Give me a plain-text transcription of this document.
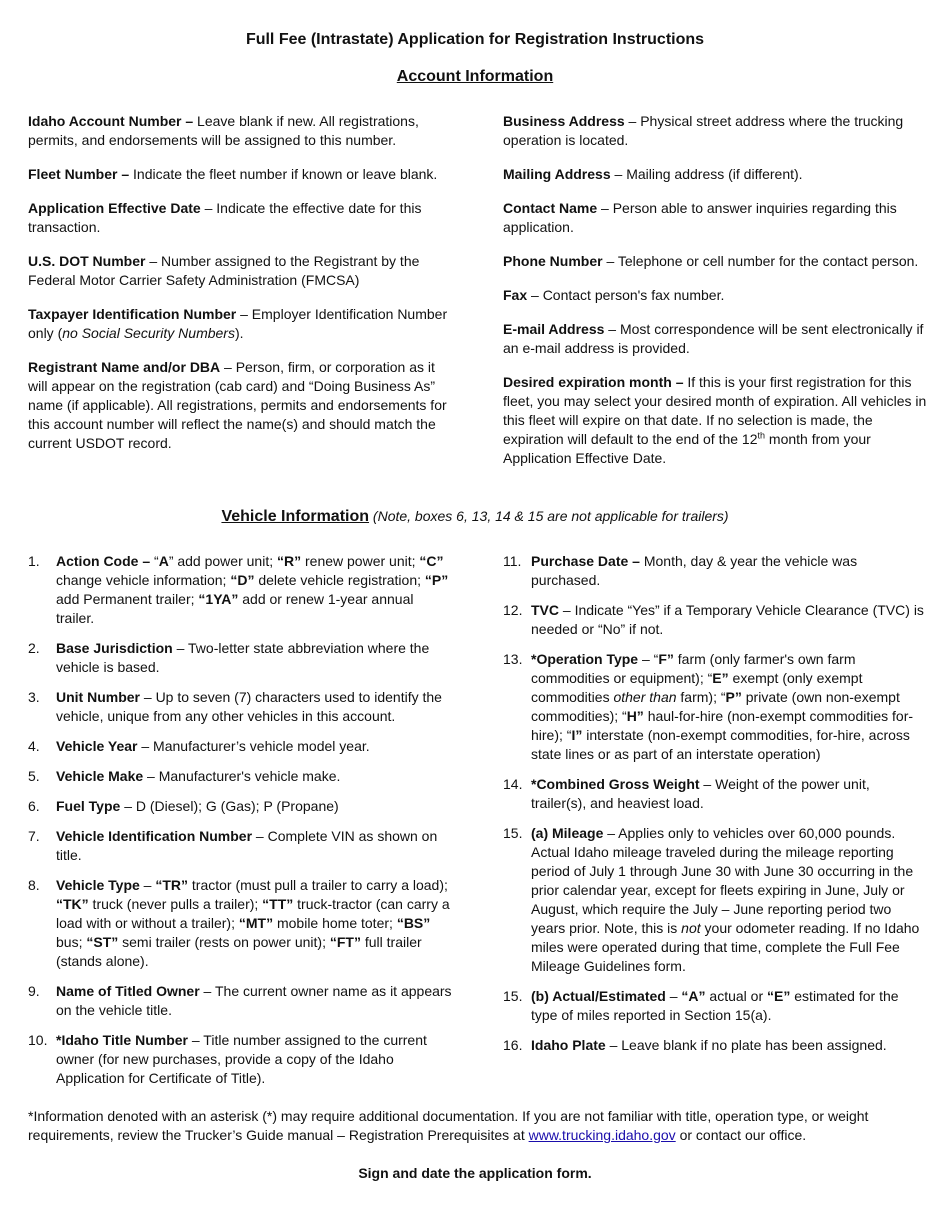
Full Fee (Intrastate) Application for Registration Instructions
Account Information

Idaho Account Number – Leave blank if new. All registrations, permits, and endorsements will be assigned to this number.

Fleet Number – Indicate the fleet number if known or leave blank.

Application Effective Date – Indicate the effective date for this transaction.

U.S. DOT Number – Number assigned to the Registrant by the Federal Motor Carrier Safety Administration (FMCSA)

Taxpayer Identification Number – Employer Identification Number only (no Social Security Numbers).

Registrant Name and/or DBA – Person, firm, or corporation as it will appear on the registration (cab card) and “Doing Business As” name (if applicable). All registrations, permits and endorsements for this account number will reflect the name(s) and should match the current USDOT record.

Business Address – Physical street address where the trucking operation is located.

Mailing Address – Mailing address (if different).

Contact Name – Person able to answer inquiries regarding this application.

Phone Number – Telephone or cell number for the contact person.

Fax – Contact person's fax number.

E-mail Address – Most correspondence will be sent electronically if an e-mail address is provided.

Desired expiration month – If this is your first registration for this fleet, you may select your desired month of expiration. All vehicles in this fleet will expire on that date. If no selection is made, the expiration will default to the end of the 12th month from your Application Effective Date.

Vehicle Information (Note, boxes 6, 13, 14 & 15 are not applicable for trailers)
1. Action Code – “A” add power unit; “R” renew power unit; “C” change vehicle information; “D” delete vehicle registration; “P” add Permanent trailer; “1YA” add or renew 1-year annual trailer.
2. Base Jurisdiction – Two-letter state abbreviation where the vehicle is based.
3. Unit Number – Up to seven (7) characters used to identify the vehicle, unique from any other vehicles in this account.
4. Vehicle Year – Manufacturer’s vehicle model year.
5. Vehicle Make – Manufacturer's vehicle make.
6. Fuel Type – D (Diesel); G (Gas); P (Propane)
7. Vehicle Identification Number – Complete VIN as shown on title.
8. Vehicle Type – “TR” tractor (must pull a trailer to carry a load); “TK” truck (never pulls a trailer); “TT” truck-tractor (can carry a load with or without a trailer); “MT” mobile home toter; “BS” bus; “ST” semi trailer (rests on power unit); “FT” full trailer (stands alone).
9. Name of Titled Owner – The current owner name as it appears on the vehicle title.
10. *Idaho Title Number – Title number assigned to the current owner (for new purchases, provide a copy of the Idaho Application for Certificate of Title).
11. Purchase Date – Month, day & year the vehicle was purchased.
12. TVC – Indicate “Yes” if a Temporary Vehicle Clearance (TVC) is needed or “No” if not.
13. *Operation Type – “F” farm (only farmer's own farm commodities or equipment); “E” exempt (only exempt commodities other than farm); “P” private (own non-exempt commodities); “H” haul-for-hire (non-exempt commodities for-hire); “I” interstate (non-exempt commodities, for-hire, across state lines or as part of an interstate operation)
14. *Combined Gross Weight – Weight of the power unit, trailer(s), and heaviest load.
15. (a) Mileage – Applies only to vehicles over 60,000 pounds. Actual Idaho mileage traveled during the mileage reporting period of July 1 through June 30 with June 30 occurring in the prior calendar year, except for fleets expiring in June, July or August, which require the July – June reporting period two years prior. Note, this is not your odometer reading. If no Idaho miles were operated during that time, complete the Full Fee Mileage Guidelines form.
15. (b) Actual/Estimated – “A” actual or “E” estimated for the type of miles reported in Section 15(a).
16. Idaho Plate – Leave blank if no plate has been assigned.
*Information denoted with an asterisk (*) may require additional documentation. If you are not familiar with title, operation type, or weight requirements, review the Trucker’s Guide manual – Registration Prerequisites at www.trucking.idaho.gov or contact our office.
Sign and date the application form.
